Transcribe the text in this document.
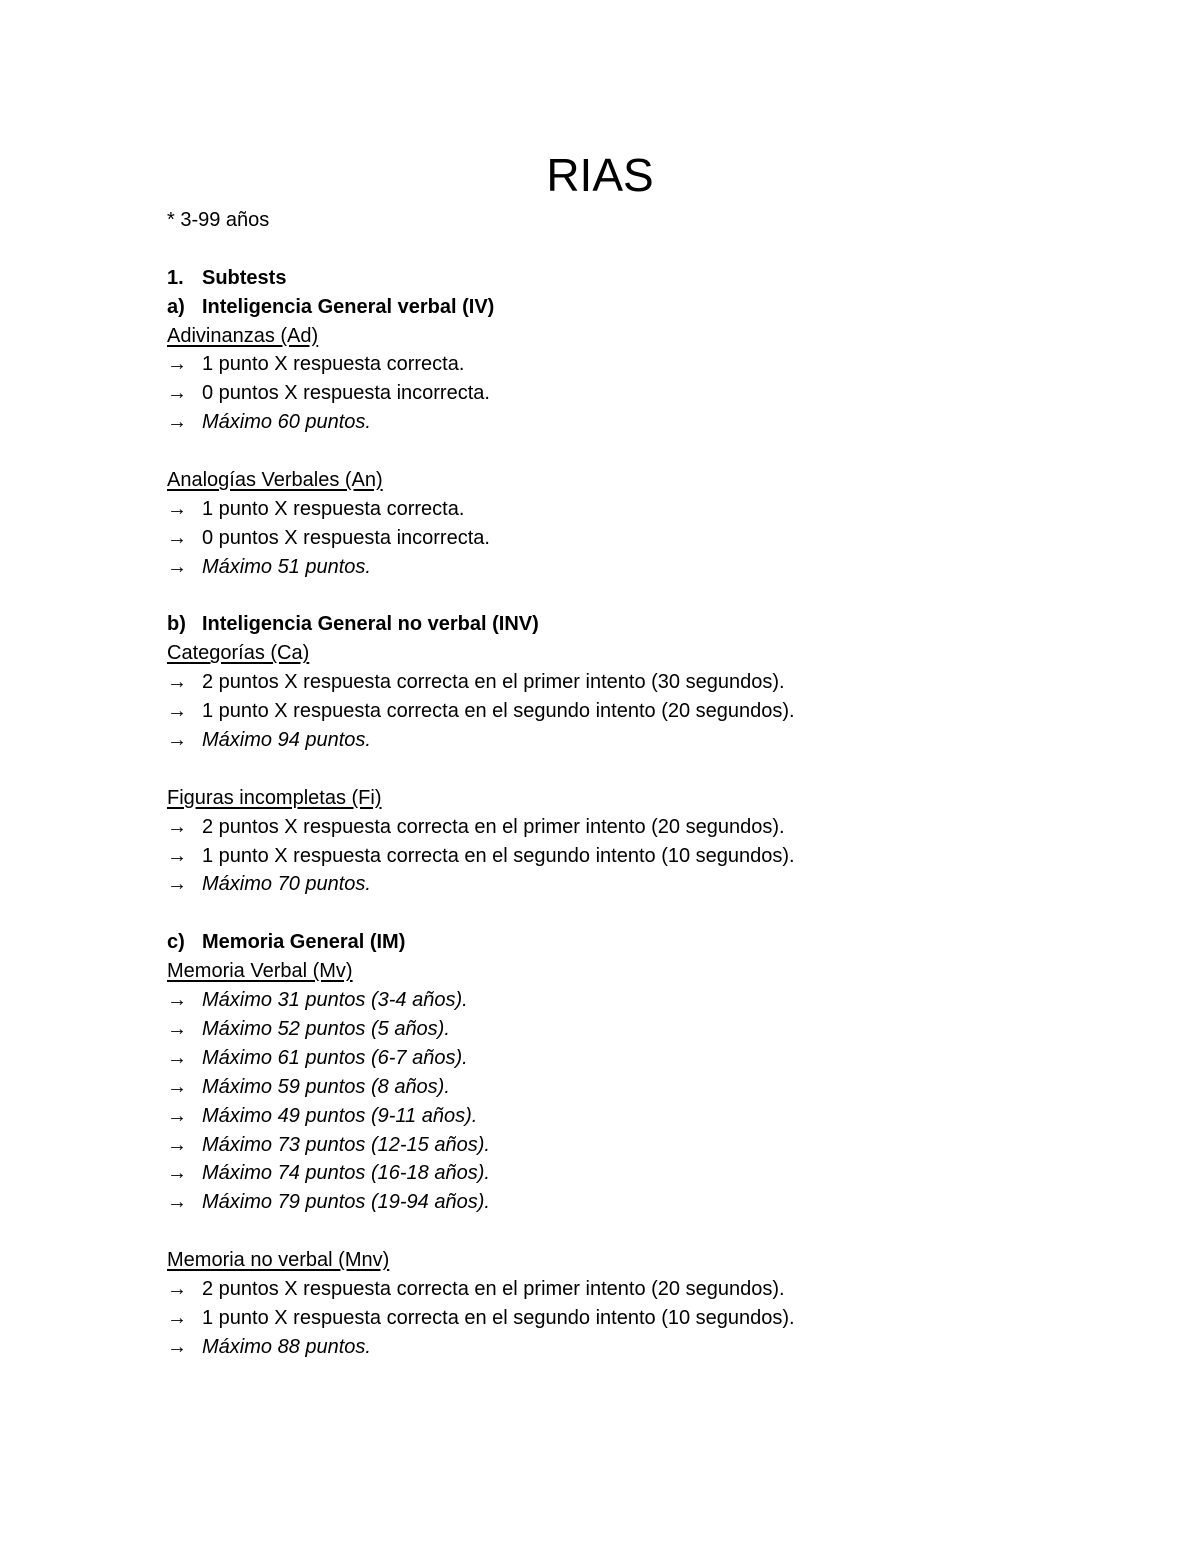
RIAS
* 3-99 años
1. Subtests
a) Inteligencia General verbal (IV)
Adivinanzas (Ad)
→ 1 punto X respuesta correcta.
→ 0 puntos X respuesta incorrecta.
→ Máximo 60 puntos.
Analogías Verbales (An)
→ 1 punto X respuesta correcta.
→ 0 puntos X respuesta incorrecta.
→ Máximo 51 puntos.
b) Inteligencia General no verbal (INV)
Categorías (Ca)
→ 2 puntos X respuesta correcta en el primer intento (30 segundos).
→ 1 punto X respuesta correcta en el segundo intento (20 segundos).
→ Máximo 94 puntos.
Figuras incompletas (Fi)
→ 2 puntos X respuesta correcta en el primer intento (20 segundos).
→ 1 punto X respuesta correcta en el segundo intento (10 segundos).
→ Máximo 70 puntos.
c) Memoria General (IM)
Memoria Verbal (Mv)
→ Máximo 31 puntos (3-4 años).
→ Máximo 52 puntos (5 años).
→ Máximo 61 puntos (6-7 años).
→ Máximo 59 puntos (8 años).
→ Máximo 49 puntos (9-11 años).
→ Máximo 73 puntos (12-15 años).
→ Máximo 74 puntos (16-18 años).
→ Máximo 79 puntos (19-94 años).
Memoria no verbal (Mnv)
→ 2 puntos X respuesta correcta en el primer intento (20 segundos).
→ 1 punto X respuesta correcta en el segundo intento (10 segundos).
→ Máximo 88 puntos.
